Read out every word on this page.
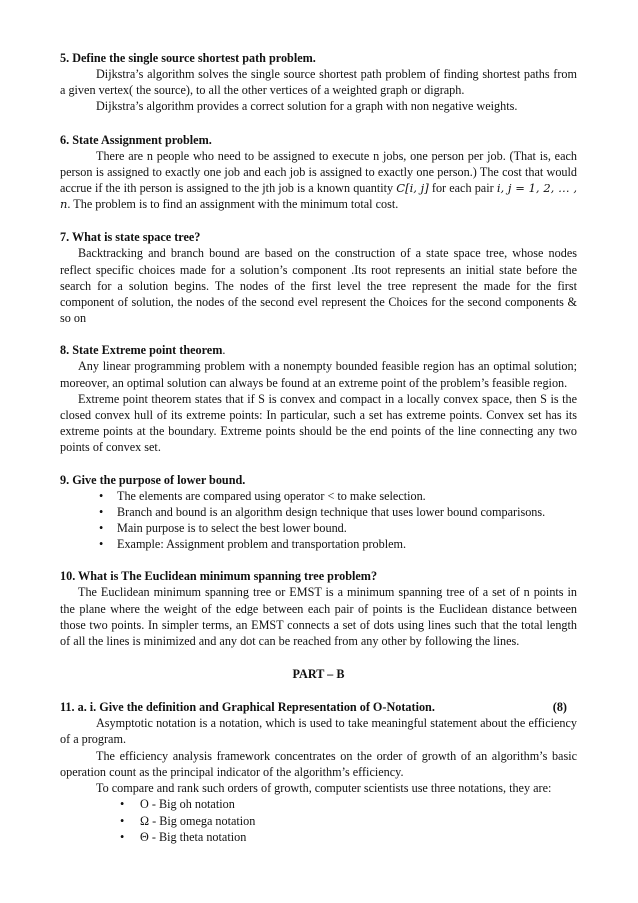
5. Define the single source shortest path problem.

Dijkstra’s algorithm solves the single source shortest path problem of finding shortest paths from a given vertex( the source), to all the other vertices of a weighted graph or digraph.

Dijkstra’s algorithm provides a correct solution for a graph with non negative weights.

6. State Assignment problem.

There are n people who need to be assigned to execute n jobs, one person per job. (That is, each person is assigned to exactly one job and each job is assigned to exactly one person.) The cost that would accrue if the ith person is assigned to the jth job is a known quantity C[i, j] for each pair i, j = 1, 2, … , n. The problem is to find an assignment with the minimum total cost.

7. What is state space tree?

Backtracking and branch bound are based on the construction of a state space tree, whose nodes reflect specific choices made for a solution’s component .Its root represents an initial state before the search for a solution begins. The nodes of the first level the tree represent the made for the first component of solution, the nodes of the second evel represent the Choices for the second components & so on

8. State Extreme point theorem.

Any linear programming problem with a nonempty bounded feasible region has an optimal solution; moreover, an optimal solution can always be found at an extreme point of the problem’s feasible region.

Extreme point theorem states that if S is convex and compact in a locally convex space, then S is the closed convex hull of its extreme points: In particular, such a set has extreme points. Convex set has its extreme points at the boundary. Extreme points should be the end points of the line connecting any two points of convex set.

9. Give the purpose of lower bound.

• The elements are compared using operator < to make selection.
• Branch and bound is an algorithm design technique that uses lower bound comparisons.
• Main purpose is to select the best lower bound.
• Example: Assignment problem and transportation problem.

10. What is The Euclidean minimum spanning tree problem?

The Euclidean minimum spanning tree or EMST is a minimum spanning tree of a set of n points in the plane where the weight of the edge between each pair of points is the Euclidean distance between those two points. In simpler terms, an EMST connects a set of dots using lines such that the total length of all the lines is minimized and any dot can be reached from any other by following the lines.

PART – B

11. a. i. Give the definition and Graphical Representation of O-Notation.	(8)

Asymptotic notation is a notation, which is used to take meaningful statement about the efficiency of a program.

The efficiency analysis framework concentrates on the order of growth of an algorithm’s basic operation count as the principal indicator of the algorithm’s efficiency.

To compare and rank such orders of growth, computer scientists use three notations, they are:

• O - Big oh notation
• Ω - Big omega notation
• Θ - Big theta notation
